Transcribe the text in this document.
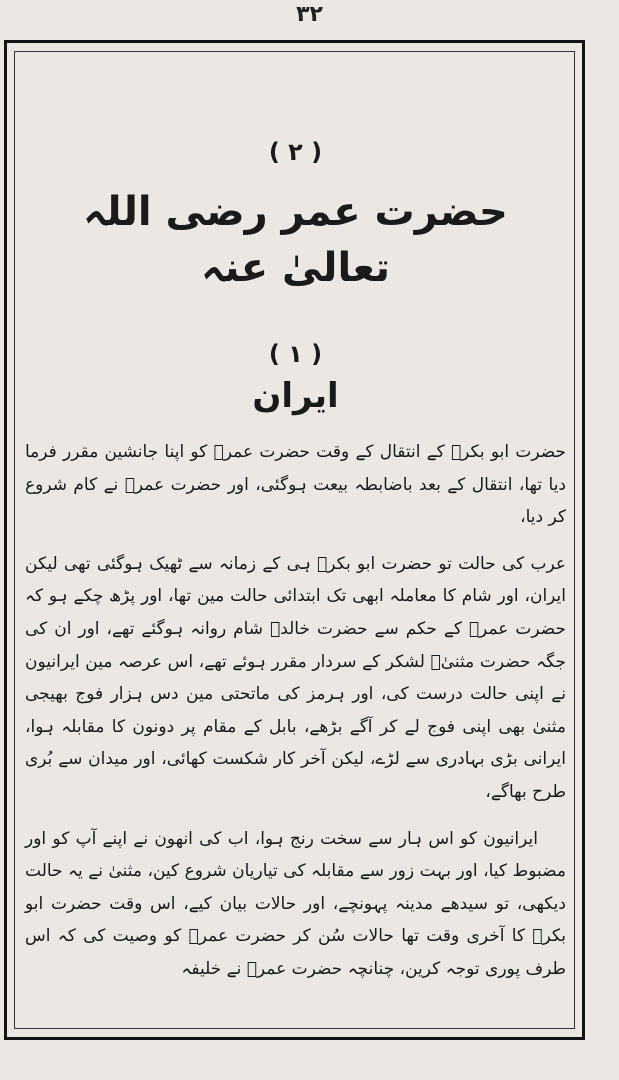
۳۲
( ۲ )
حضرت عمر رضی اللہ تعالیٰ عنہ
( ۱ )
ایران

حضرت ابو بکرؓ کے انتقال کے وقت حضرت عمرؓ کو اپنا جانشین مقرر فرما دیا تھا، انتقال کے بعد باضابطہ بیعت ہوگئی، اور حضرت عمرؓ نے کام شروع کر دیا،

عرب کی حالت تو حضرت ابو بکرؓ ہی کے زمانہ سے ٹھیک ہوگئی تھی لیکن ایران، اور شام کا معاملہ ابھی تک ابتدائی حالت مین تھا، اور پڑھ چکے ہو کہ حضرت عمرؓ کے حکم سے حضرت خالدؓ شام روانہ ہوگئے تھے، اور ان کی جگہ حضرت مثنیٰؓ لشکر کے سردار مقرر ہوئے تھے، اس عرصہ مین ایرانیون نے اپنی حالت درست کی، اور ہرمز کی ماتحتی مین دس ہزار فوج بھیجی مثنیٰ بھی اپنی فوج لے کر آگے بڑھے، بابل کے مقام پر دونون کا مقابلہ ہوا، ایرانی بڑی بہادری سے لڑے، لیکن آخر کار شکست کھائی، اور میدان سے بُری طرح بھاگے،

ایرانیون کو اس ہار سے سخت رنج ہوا، اب کی انھون نے اپنے آپ کو اور مضبوط کیا، اور بہت زور سے مقابلہ کی تیاریان شروع کین، مثنیٰ نے یہ حالت دیکھی، تو سیدھے مدینہ پہونچے، اور حالات بیان کیے، اس وقت حضرت ابو بکرؓ کا آخری وقت تھا حالات سُن کر حضرت عمرؓ کو وصیت کی کہ اس طرف پوری توجہ کرین، چنانچہ حضرت عمرؓ نے خلیفہ
